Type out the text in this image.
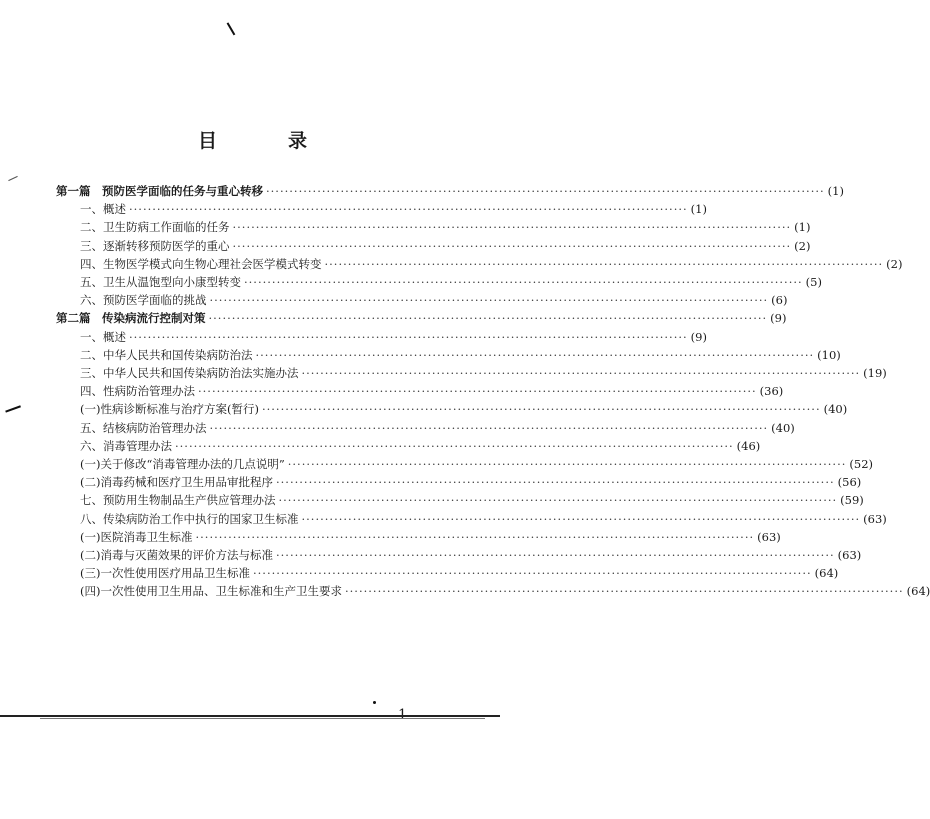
目　录
第一篇　预防医学面临的任务与重心转移 ························································································································ (1)
一、概述 ························································································································ (1)
二、卫生防病工作面临的任务 ························································································································ (1)
三、逐渐转移预防医学的重心 ························································································································ (2)
四、生物医学模式向生物心理社会医学模式转变 ························································································································ (2)
五、卫生从温饱型向小康型转变 ························································································································ (5)
六、预防医学面临的挑战 ························································································································ (6)
第二篇　传染病流行控制对策 ························································································································ (9)
一、概述 ························································································································ (9)
二、中华人民共和国传染病防治法 ························································································································ (10)
三、中华人民共和国传染病防治法实施办法 ························································································································ (19)
四、性病防治管理办法 ························································································································ (36)
(一)性病诊断标准与治疗方案(暂行) ························································································································ (40)
五、结核病防治管理办法 ························································································································ (40)
六、消毒管理办法 ························································································································ (46)
(一)关于修改“消毒管理办法的几点说明” ························································································································ (52)
(二)消毒药械和医疗卫生用品审批程序 ························································································································ (56)
七、预防用生物制品生产供应管理办法 ························································································································ (59)
八、传染病防治工作中执行的国家卫生标准 ························································································································ (63)
(一)医院消毒卫生标准 ························································································································ (63)
(二)消毒与灭菌效果的评价方法与标准 ························································································································ (63)
(三)一次性使用医疗用品卫生标准 ························································································································ (64)
(四)一次性使用卫生用品、卫生标准和生产卫生要求 ························································································································ (64)
